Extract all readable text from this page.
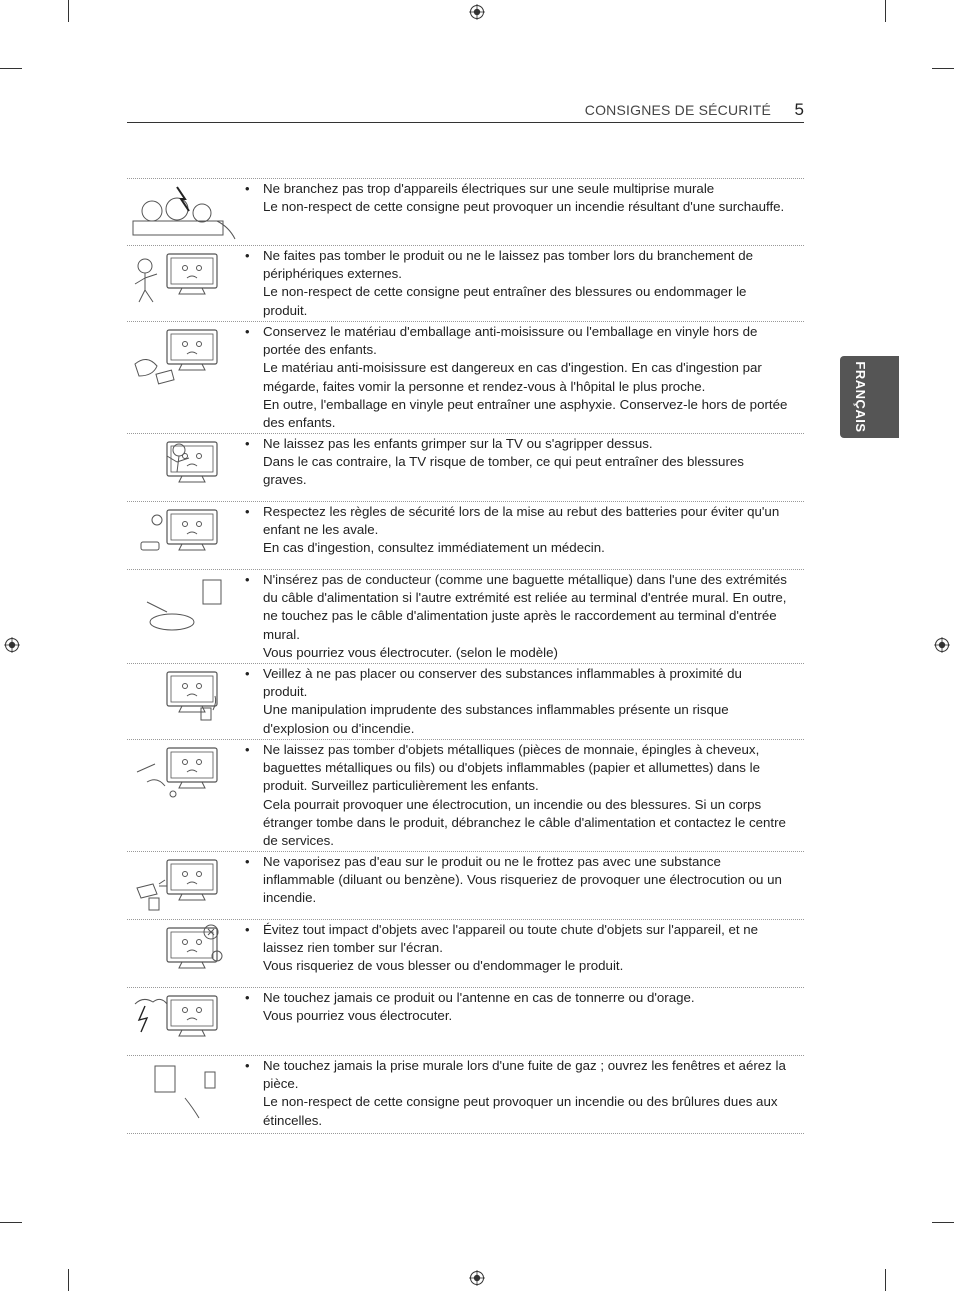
CONSIGNES DE SÉCURITÉ 5
FRANÇAIS
• Ne branchez pas trop d'appareils électriques sur une seule multiprise murale
Le non-respect de cette consigne peut provoquer un incendie résultant d'une surchauffe.
• Ne faites pas tomber le produit ou ne le laissez pas tomber lors du branchement de périphériques externes.
Le non-respect de cette consigne peut entraîner des blessures ou endommager le produit.
• Conservez le matériau d'emballage anti-moisissure ou l'emballage en vinyle hors de portée des enfants.
Le matériau anti-moisissure est dangereux en cas d'ingestion. En cas d'ingestion par mégarde, faites vomir la personne et rendez-vous à l'hôpital le plus proche.
En outre, l'emballage en vinyle peut entraîner une asphyxie. Conservez-le hors de portée des enfants.
• Ne laissez pas les enfants grimper sur la TV ou s'agripper dessus.
Dans le cas contraire, la TV risque de tomber, ce qui peut entraîner des blessures graves.
• Respectez les règles de sécurité lors de la mise au rebut des batteries pour éviter qu'un enfant ne les avale.
En cas d'ingestion, consultez immédiatement un médecin.
• N'insérez pas de conducteur (comme une baguette métallique) dans l'une des extrémités du câble d'alimentation si l'autre extrémité est reliée au terminal d'entrée mural. En outre, ne touchez pas le câble d'alimentation juste après le raccordement au terminal d'entrée mural.
Vous pourriez vous électrocuter. (selon le modèle)
• Veillez à ne pas placer ou conserver des substances inflammables à proximité du produit.
Une manipulation imprudente des substances inflammables présente un risque d'explosion ou d'incendie.
• Ne laissez pas tomber d'objets métalliques (pièces de monnaie, épingles à cheveux, baguettes métalliques ou fils) ou d'objets inflammables (papier et allumettes) dans le produit. Surveillez particulièrement les enfants.
Cela pourrait provoquer une électrocution, un incendie ou des blessures. Si un corps étranger tombe dans le produit, débranchez le câble d'alimentation et contactez le centre de services.
• Ne vaporisez pas d'eau sur le produit ou ne le frottez pas avec une substance inflammable (diluant ou benzène). Vous risqueriez de provoquer une électrocution ou un incendie.
• Évitez tout impact d'objets avec l'appareil ou toute chute d'objets sur l'appareil, et ne laissez rien tomber sur l'écran.
Vous risqueriez de vous blesser ou d'endommager le produit.
• Ne touchez jamais ce produit ou l'antenne en cas de tonnerre ou d'orage.
Vous pourriez vous électrocuter.
• Ne touchez jamais la prise murale lors d'une fuite de gaz ; ouvrez les fenêtres et aérez la pièce.
Le non-respect de cette consigne peut provoquer un incendie ou des brûlures dues aux étincelles.
